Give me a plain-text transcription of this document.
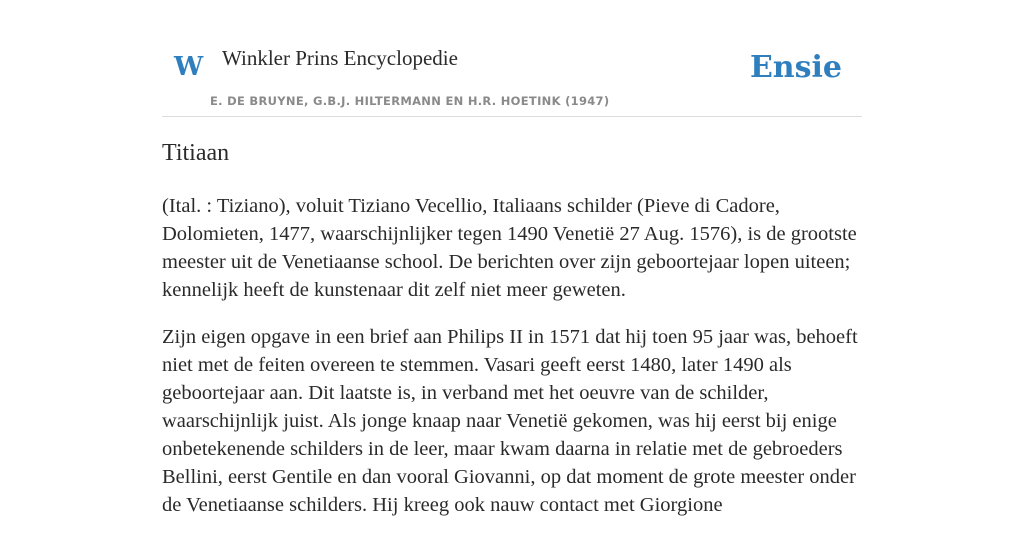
W Winkler Prins Encyclopedie
E. DE BRUYNE, G.B.J. HILTERMANN EN H.R. HOETINK (1947)
Ensie
Titiaan

(Ital. : Tiziano), voluit Tiziano Vecellio, Italiaans schilder (Pieve di Cadore, Dolomieten, 1477, waarschijnlijker tegen 1490 Venetië 27 Aug. 1576), is de grootste meester uit de Venetiaanse school. De berichten over zijn geboortejaar lopen uiteen; kennelijk heeft de kunstenaar dit zelf niet meer geweten.

Zijn eigen opgave in een brief aan Philips II in 1571 dat hij toen 95 jaar was, behoeft niet met de feiten overeen te stemmen. Vasari geeft eerst 1480, later 1490 als geboortejaar aan. Dit laatste is, in verband met het oeuvre van de schilder, waarschijnlijk juist. Als jonge knaap naar Venetië gekomen, was hij eerst bij enige onbetekenende schilders in de leer, maar kwam daarna in relatie met de gebroeders Bellini, eerst Gentile en dan vooral Giovanni, op dat moment de grote meester onder de Venetiaanse schilders. Hij kreeg ook nauw contact met Giorgione
